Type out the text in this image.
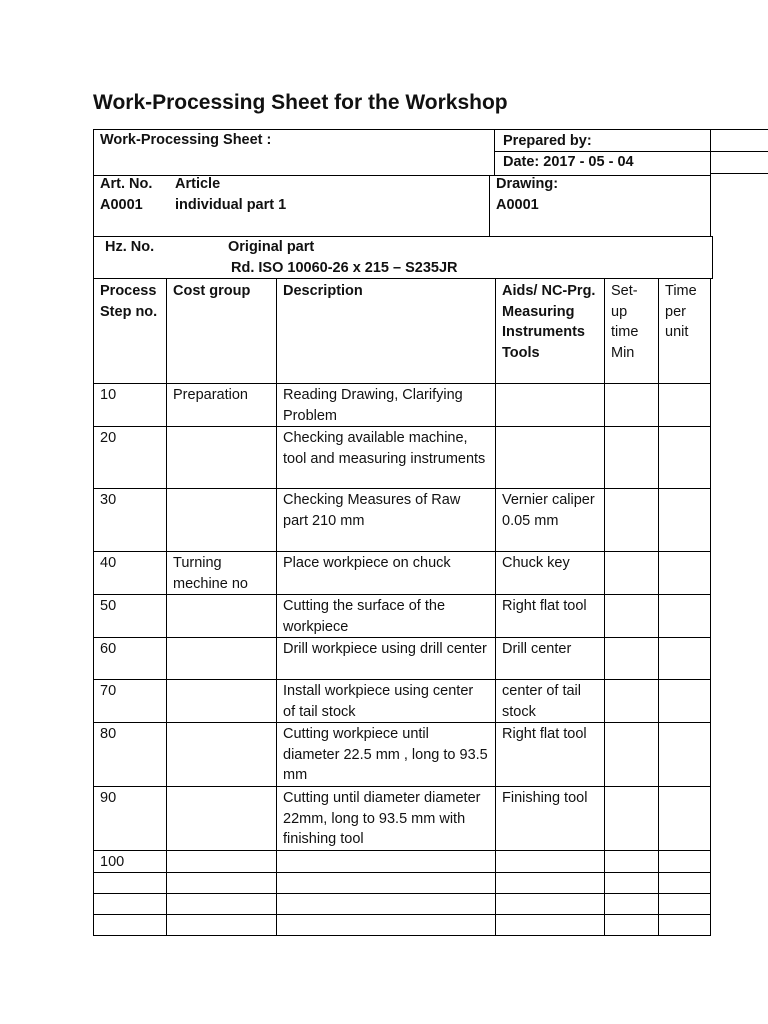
Work-Processing Sheet for the Workshop
Work-Processing Sheet :	Prepared by:
Date: 2017 - 05 - 04
Art. No.
A0001
Article
individual part 1
Drawing:
A0001
Hz. No.	Original part
Rd. ISO 10060-26 x 215 – S235JR
Process Step no.	Cost group	Description	Aids/ NC-Prg. Measuring Instruments Tools	Set-up time Min	Time per unit
10	Preparation	Reading Drawing, Clarifying Problem			
20		Checking available machine, tool and measuring instruments			
30		Checking Measures of Raw part 210 mm	Vernier caliper 0.05 mm		
40	Turning mechine no	Place workpiece on chuck	Chuck key		
50		Cutting the surface of the workpiece	Right flat tool		
60		Drill workpiece using drill center	Drill center		
70		Install workpiece using center of tail stock	center of tail stock		
80		Cutting workpiece until diameter 22.5 mm , long to 93.5 mm	Right flat tool		
90		Cutting until diameter diameter 22mm, long to 93.5 mm with finishing tool	Finishing tool		
100					
